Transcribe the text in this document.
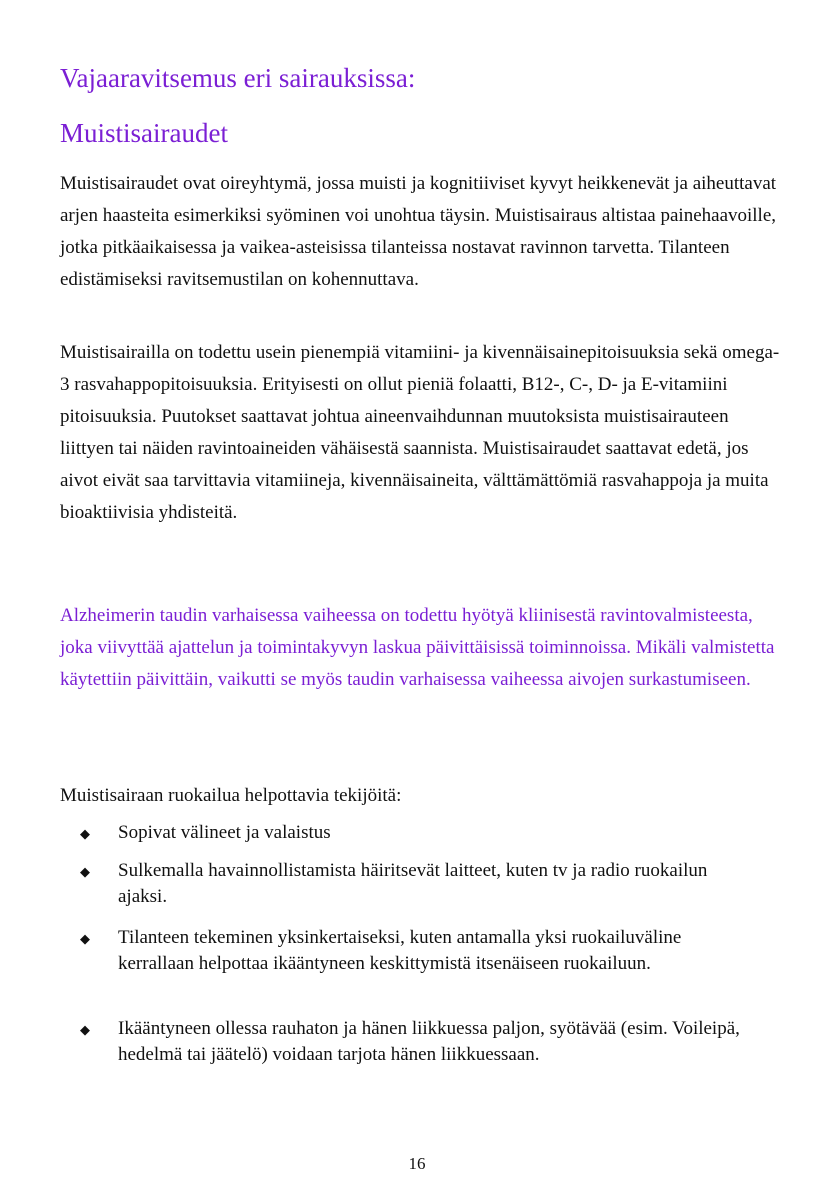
Vajaaravitsemus eri sairauksissa:
Muistisairaudet

Muistisairaudet ovat oireyhtymä, jossa muisti ja kognitiiviset kyvyt heikkenevät ja aiheuttavat arjen haasteita esimerkiksi syöminen voi unohtua täysin. Muistisairaus altistaa painehaavoille, jotka pitkäaikaisessa ja vaikea-asteisissa tilanteissa nostavat ravinnon tarvetta. Tilanteen edistämiseksi ravitsemustilan on kohennuttava.

Muistisairailla on todettu usein pienempiä vitamiini- ja kivennäisainepitoisuuksia sekä omega-3 rasvahappopitoisuuksia. Erityisesti on ollut pieniä folaatti, B12-, C-, D- ja E-vitamiini pitoisuuksia. Puutokset saattavat johtua aineenvaihdunnan muutoksista muistisairauteen liittyen tai näiden ravintoaineiden vähäisestä saannista. Muistisairaudet saattavat edetä, jos aivot eivät saa tarvittavia vitamiineja, kivennäisaineita, välttämättömiä rasvahappoja ja muita bioaktiivisia yhdisteitä.

Alzheimerin taudin varhaisessa vaiheessa on todettu hyötyä kliinisestä ravintovalmisteesta, joka viivyttää ajattelun ja toimintakyvyn laskua päivittäisissä toiminnoissa. Mikäli valmistetta käytettiin päivittäin, vaikutti se myös taudin varhaisessa vaiheessa aivojen surkastumiseen.

Muistisairaan ruokailua helpottavia tekijöitä:

◆ Sopivat välineet ja valaistus
◆ Sulkemalla havainnollistamista häiritsevät laitteet, kuten tv ja radio ruokailun ajaksi.
◆ Tilanteen tekeminen yksinkertaiseksi, kuten antamalla yksi ruokailuväline kerrallaan helpottaa ikääntyneen keskittymistä itsenäiseen ruokailuun.
◆ Ikääntyneen ollessa rauhaton ja hänen liikkuessa paljon, syötävää (esim. Voileipä, hedelmä tai jäätelö) voidaan tarjota hänen liikkuessaan.

16
